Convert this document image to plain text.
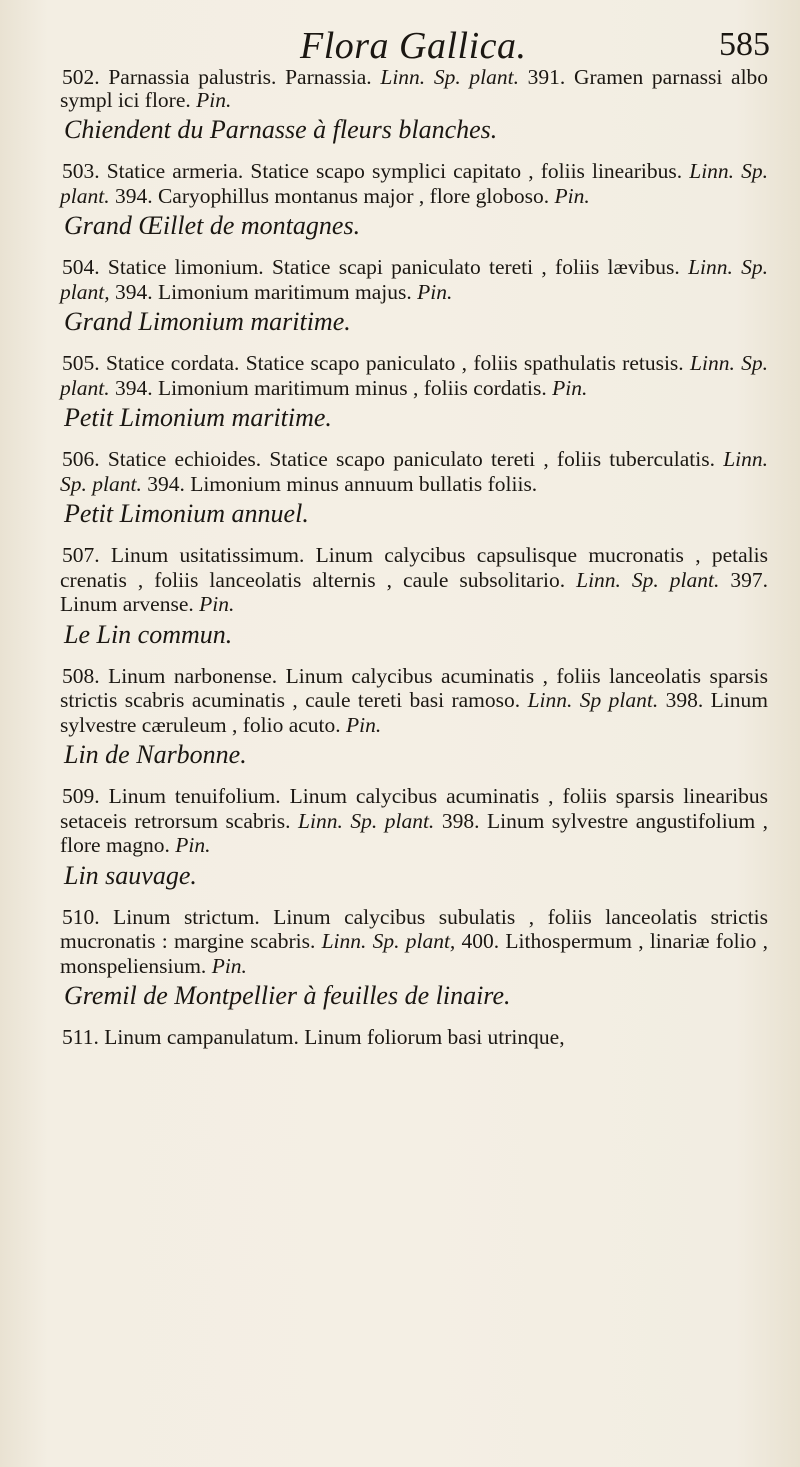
Flora Gallica.	585
502. Parnassia palustris. Parnassia. Linn. Sp. plant. 391. Gramen parnassi albo sympl ici flore. Pin.
Chiendent du Parnasse à fleurs blanches.
503. Statice armeria. Statice scapo symplici capitato , foliis linearibus. Linn. Sp. plant. 394. Caryophillus montanus major , flore globoso. Pin.
Grand Œillet de montagnes.
504. Statice limonium. Statice scapi paniculato tereti , foliis lævibus. Linn. Sp. plant, 394. Limonium maritimum majus. Pin.
Grand Limonium maritime.
505. Statice cordata. Statice scapo paniculato , foliis spathulatis retusis. Linn. Sp. plant. 394. Limonium maritimum minus , foliis cordatis. Pin.
Petit Limonium maritime.
506. Statice echioides. Statice scapo paniculato tereti , foliis tuberculatis. Linn. Sp. plant. 394. Limonium minus annuum bullatis foliis.
Petit Limonium annuel.
507. Linum usitatissimum. Linum calycibus capsulisque mucronatis , petalis crenatis , foliis lanceolatis alternis , caule subsolitario. Linn. Sp. plant. 397. Linum arvense. Pin.
Le Lin commun.
508. Linum narbonense. Linum calycibus acuminatis , foliis lanceolatis sparsis strictis scabris acuminatis , caule tereti basi ramoso. Linn. Sp plant. 398. Linum sylvestre cæruleum , folio acuto. Pin.
Lin de Narbonne.
509. Linum tenuifolium. Linum calycibus acuminatis , foliis sparsis linearibus setaceis retrorsum scabris. Linn. Sp. plant. 398. Linum sylvestre angustifolium , flore magno. Pin.
Lin sauvage.
510. Linum strictum. Linum calycibus subulatis , foliis lanceolatis strictis mucronatis : margine scabris. Linn. Sp. plant, 400. Lithospermum , linariæ folio , monspeliensium. Pin.
Gremil de Montpellier à feuilles de linaire.
511. Linum campanulatum. Linum foliorum basi utrinque,
